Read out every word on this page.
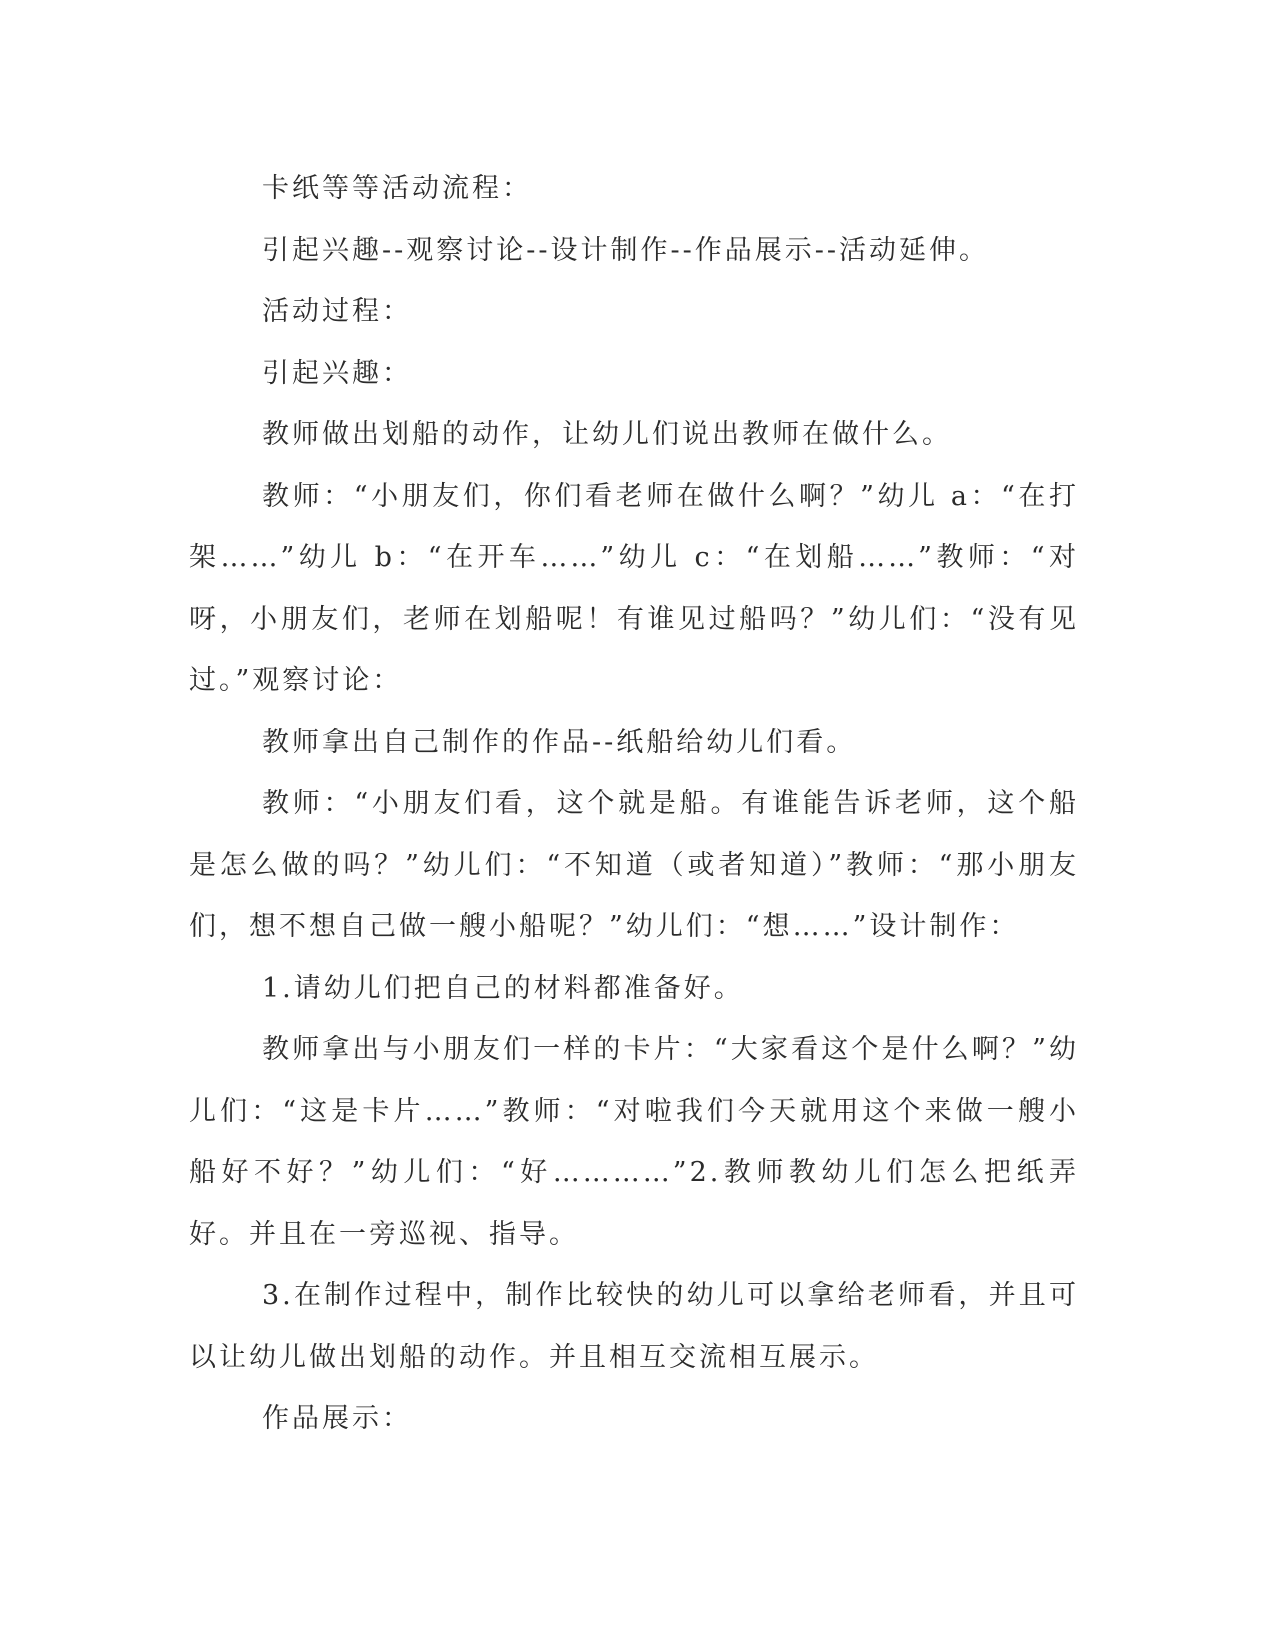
卡纸等等活动流程：

引起兴趣--观察讨论--设计制作--作品展示--活动延伸。

活动过程：

引起兴趣：

教师做出划船的动作，让幼儿们说出教师在做什么。

教师：“小朋友们，你们看老师在做什么啊？”幼儿 a：“在打架……”幼儿 b：“在开车……”幼儿 c：“在划船……”教师：“对呀，小朋友们，老师在划船呢！有谁见过船吗？”幼儿们：“没有见过。”观察讨论：

教师拿出自己制作的作品--纸船给幼儿们看。

教师：“小朋友们看，这个就是船。有谁能告诉老师，这个船是怎么做的吗？”幼儿们：“不知道（或者知道）”教师：“那小朋友们，想不想自己做一艘小船呢？”幼儿们：“想……”设计制作：

1.请幼儿们把自己的材料都准备好。

教师拿出与小朋友们一样的卡片：“大家看这个是什么啊？”幼儿们：“这是卡片……”教师：“对啦我们今天就用这个来做一艘小船好不好？”幼儿们：“好…………”2.教师教幼儿们怎么把纸弄好。并且在一旁巡视、指导。

3.在制作过程中，制作比较快的幼儿可以拿给老师看，并且可以让幼儿做出划船的动作。并且相互交流相互展示。

作品展示：
